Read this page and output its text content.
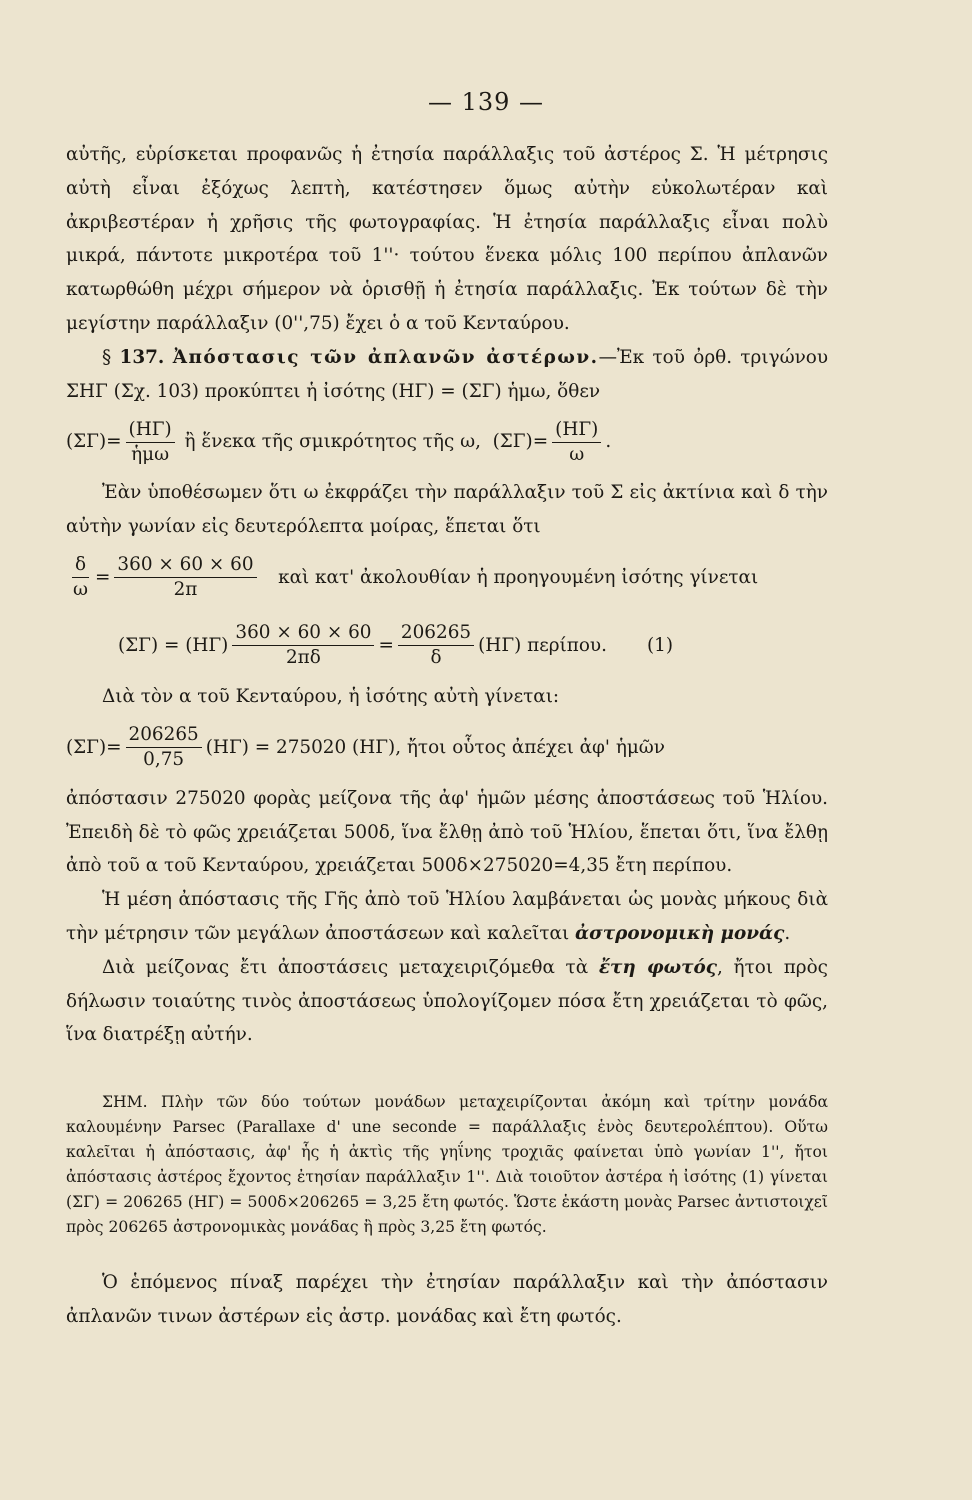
— 139 —

αὐτῆς, εὑρίσκεται προφανῶς ἡ ἐτησία παράλλαξις τοῦ ἀστέρος Σ. Ἡ μέτρησις αὐτὴ εἶναι ἐξόχως λεπτὴ, κατέστησεν ὅμως αὐτὴν εὐκολωτέραν καὶ ἀκριβεστέραν ἡ χρῆσις τῆς φωτογραφίας. Ἡ ἐτησία παράλλαξις εἶναι πολὺ μικρά, πάντοτε μικροτέρα τοῦ 1''· τούτου ἕνεκα μόλις 100 περίπου ἀπλανῶν κατωρθώθη μέχρι σήμερον νὰ ὁρισθῇ ἡ ἐτησία παράλλαξις. Ἐκ τούτων δὲ τὴν μεγίστην παράλλαξιν (0'',75) ἔχει ὁ α τοῦ Κενταύρου.

§ 137. Ἀπόστασις τῶν ἀπλανῶν ἀστέρων.—Ἐκ τοῦ ὀρθ. τριγώνου ΣΗΓ (Σχ. 103) προκύπτει ἡ ἰσότης (ΗΓ) = (ΣΓ) ἡμω, ὅθεν

$(\Sigma\Gamma)= \frac{(H\Gamma)}{\text{ἡμω}}$ ἢ ἕνεκα τῆς σμικρότητος τῆς ω,  $(\Sigma\Gamma)= \frac{(H\Gamma)}{\omega}$ .

Ἐὰν ὑποθέσωμεν ὅτι ω ἐκφράζει τὴν παράλλαξιν τοῦ Σ εἰς ἀκτίνια καὶ δ τὴν αὐτὴν γωνίαν εἰς δευτερόλεπτα μοίρας, ἕπεται ὅτι

$\frac{\delta}{\omega} = \frac{360 \times 60 \times 60}{2\pi}$ καὶ κατ' ἀκολουθίαν ἡ προηγουμένη ἰσότης γίνεται
$(\Sigma\Gamma) = (H\Gamma) \frac{360 \times 60 \times 60}{2\pi\delta} = \frac{206265}{\delta} (H\Gamma)$ περίπου. (1)

Διὰ τὸν α τοῦ Κενταύρου, ἡ ἰσότης αὐτὴ γίνεται:

$(\Sigma\Gamma)= \frac{206265}{0,75} (H\Gamma) = 275020$ (ΗΓ), ἤτοι οὗτος ἀπέχει ἀφ' ἡμῶν

ἀπόστασιν 275020 φορὰς μείζονα τῆς ἀφ' ἡμῶν μέσης ἀποστάσεως τοῦ Ἡλίου. Ἐπειδὴ δὲ τὸ φῶς χρειάζεται 500δ, ἵνα ἔλθῃ ἀπὸ τοῦ Ἡλίου, ἕπεται ὅτι, ἵνα ἔλθῃ ἀπὸ τοῦ α τοῦ Κενταύρου, χρειάζεται 500δ×275020=4,35 ἔτη περίπου.

Ἡ μέση ἀπόστασις τῆς Γῆς ἀπὸ τοῦ Ἡλίου λαμβάνεται ὡς μονὰς μήκους διὰ τὴν μέτρησιν τῶν μεγάλων ἀποστάσεων καὶ καλεῖται ἀστρονομικὴ μονάς.

Διὰ μείζονας ἔτι ἀποστάσεις μεταχειριζόμεθα τὰ ἔτη φωτός, ἤτοι πρὸς δήλωσιν τοιαύτης τινὸς ἀποστάσεως ὑπολογίζομεν πόσα ἔτη χρειάζεται τὸ φῶς, ἵνα διατρέξῃ αὐτήν.

ΣΗΜ. Πλὴν τῶν δύο τούτων μονάδων μεταχειρίζονται ἀκόμη καὶ τρίτην μονάδα καλουμένην Parsec (Parallaxe d' une seconde = παράλλαξις ἑνὸς δευτερολέπτου). Οὕτω καλεῖται ἡ ἀπόστασις, ἀφ' ἧς ἡ ἀκτὶς τῆς γηΐνης τροχιᾶς φαίνεται ὑπὸ γωνίαν 1'', ἤτοι ἀπόστασις ἀστέρος ἔχοντος ἐτησίαν παράλλαξιν 1''. Διὰ τοιοῦτον ἀστέρα ἡ ἰσότης (1) γίνεται (ΣΓ) = 206265 (ΗΓ) = 500δ×206265 = 3,25 ἔτη φωτός. Ὥστε ἑκάστη μονὰς Parsec ἀντιστοιχεῖ πρὸς 206265 ἀστρονομικὰς μονάδας ἢ πρὸς 3,25 ἔτη φωτός.

Ὁ ἑπόμενος πίναξ παρέχει τὴν ἐτησίαν παράλλαξιν καὶ τὴν ἀπόστασιν ἀπλανῶν τινων ἀστέρων εἰς ἀστρ. μονάδας καὶ ἔτη φωτός.
